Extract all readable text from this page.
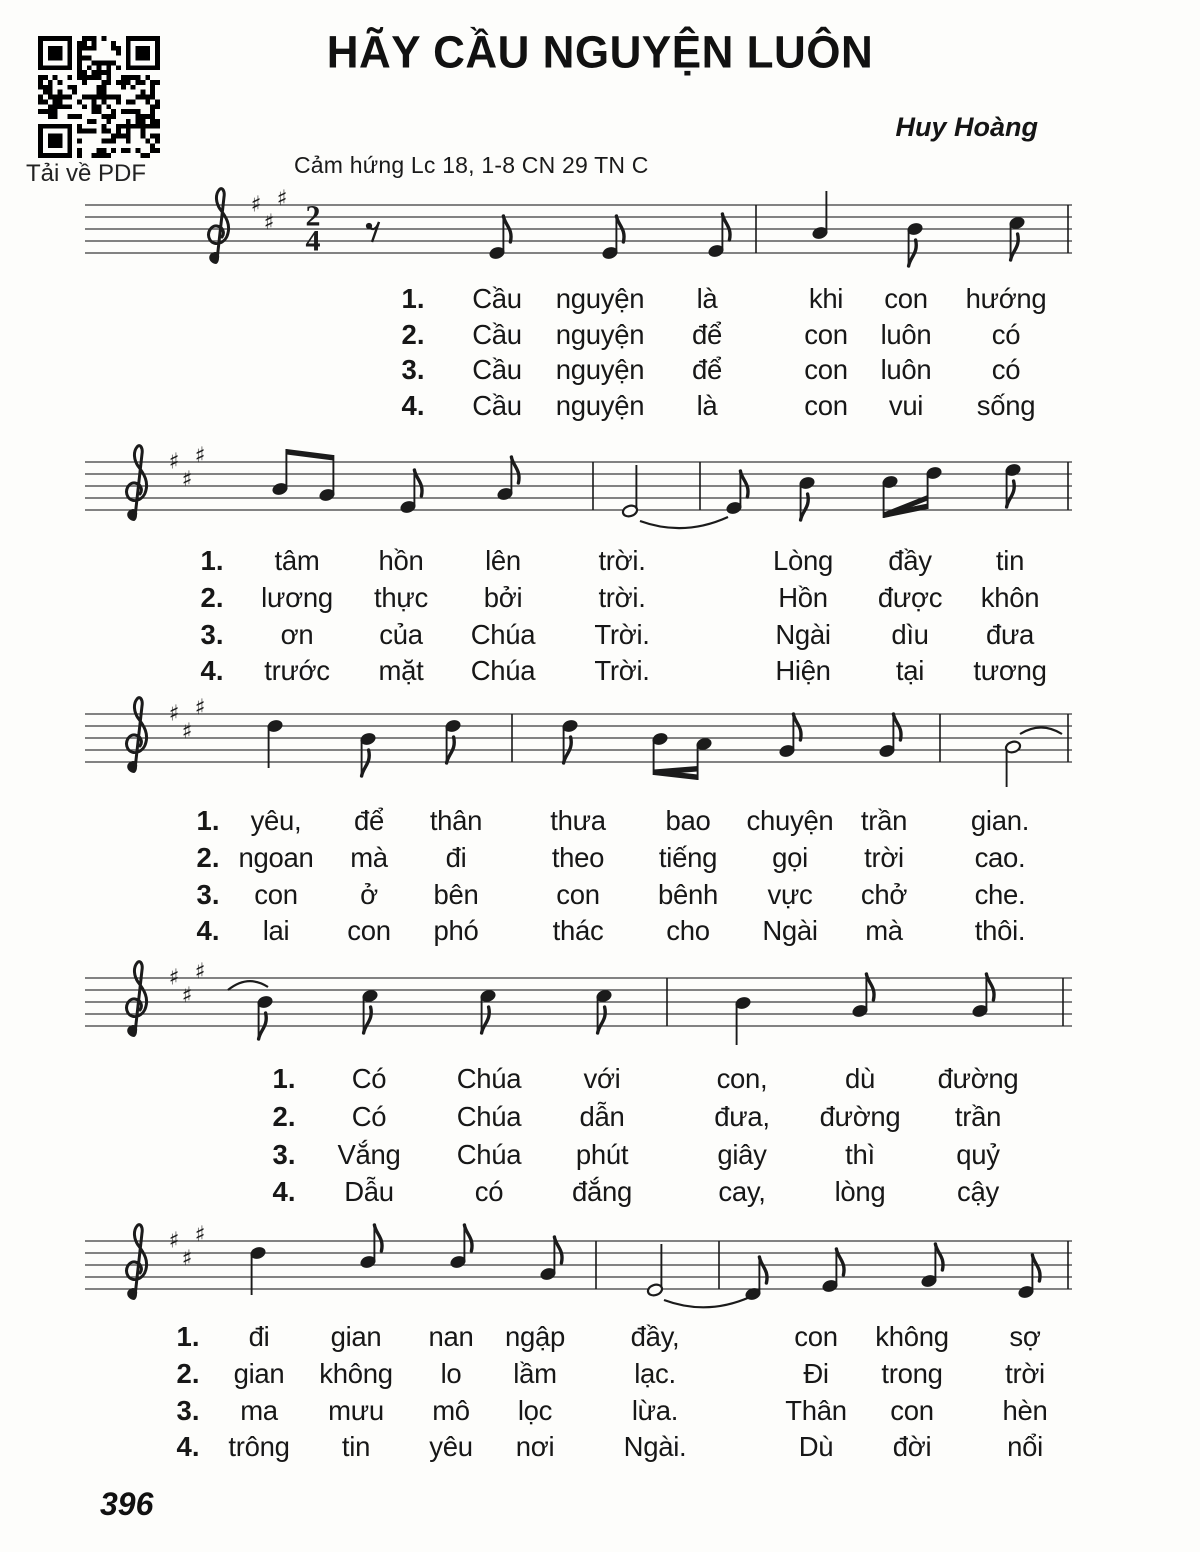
Tải về PDF
HÃY CẦU NGUYỆN LUÔN
Huy Hoàng
Cảm hứng Lc 18, 1-8 CN 29 TN C
♯
♯
♯
2
4
♯
♯
♯
♯
♯
♯
♯
♯
♯
♯
♯
♯
1. Cầu nguyện là	khi con hướng
2. Cầu nguyện để	con luôn có
3. Cầu nguyện để	con luôn có
4. Cầu nguyện là	con vui sống
1. tâm hồn lên	trời.	Lòng đầy tin
2. lương thực bởi	trời.	Hồn được khôn
3. ơn của Chúa Trời.	Ngài dìu đưa
4. trước mặt Chúa Trời.	Hiện tại tương
1. yêu, để thân thưa bao chuyện trần gian.
2. ngoan mà đi	theo tiếng gọi trời	cao.
3. con ở bên	con bênh vực chở che.
4. lai con phó	thác cho Ngài mà	thôi.
1. Có	Chúa với	con,	dù đường
2. Có	Chúa dẫn	đưa, đường trần
3. Vắng Chúa phút	giây	thì	quỷ
4. Dẫu	có	đắng	cay,	lòng	cậy
1. đi gian nan ngập đầy,	con không sợ
2. gian không lo lầm	lạc.	Đi trong trời
3. ma mưu mô lọc	lừa.	Thân con	hèn
4. trông tin yêu nơi	Ngài.	Dù đời	nổi
396
